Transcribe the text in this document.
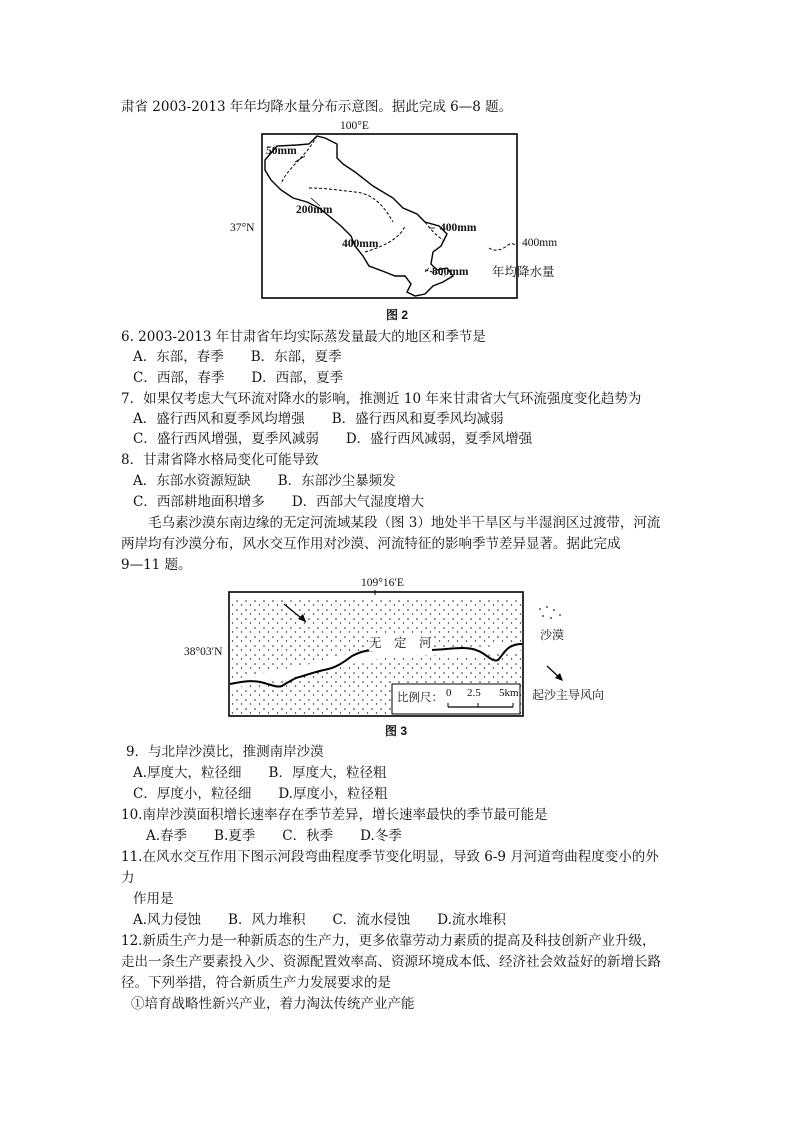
肃省 2003-2013 年年均降水量分布示意图。据此完成 6—8 题。
100°E
37°N
50mm
200mm
400mm
400mm
800mm
400mm
年均降水量
图 2
6. 2003-2013 年甘肃省年均实际蒸发量最大的地区和季节是
A．东部，春季　　B．东部，夏季
C．西部，春季　　D．西部，夏季
7．如果仅考虑大气环流对降水的影响，推测近 10 年来甘肃省大气环流强度变化趋势为
A．盛行西风和夏季风均增强　　B．盛行西风和夏季风均减弱
C．盛行西风增强，夏季风减弱　　D．盛行西风减弱，夏季风增强
8．甘肃省降水格局变化可能导致
A．东部水资源短缺　　B．东部沙尘暴频发
C．西部耕地面积增多　　D．西部大气湿度增大
毛乌素沙漠东南边缘的无定河流域某段（图 3）地处半干旱区与半湿润区过渡带，河流
两岸均有沙漠分布，风水交互作用对沙漠、河流特征的影响季节差异显著。据此完成
9—11 题。
109°16′E
38°03′N
无　定　河
比例尺： 0 2.5 5km
沙漠
起沙主导风向
图 3
9．与北岸沙漠比，推测南岸沙漠
A.厚度大，粒径细　　B．厚度大，粒径粗
C．厚度小，粒径细　　D.厚度小，粒径粗
10.南岸沙漠面积增长速率存在季节差异，增长速率最快的季节最可能是
A.春季　　B.夏季　　C．秋季　　D.冬季
11.在风水交互作用下图示河段弯曲程度季节变化明显，导致 6-9 月河道弯曲程度变小的外
力
作用是
A.风力侵蚀　　B．风力堆积　　C．流水侵蚀　　D.流水堆积
12.新质生产力是一种新质态的生产力，更多依靠劳动力素质的提高及科技创新产业升级，
走出一条生产要素投入少、资源配置效率高、资源环境成本低、经济社会效益好的新增长路
径。下列举措，符合新质生产力发展要求的是
①培育战略性新兴产业，着力淘汰传统产业产能
